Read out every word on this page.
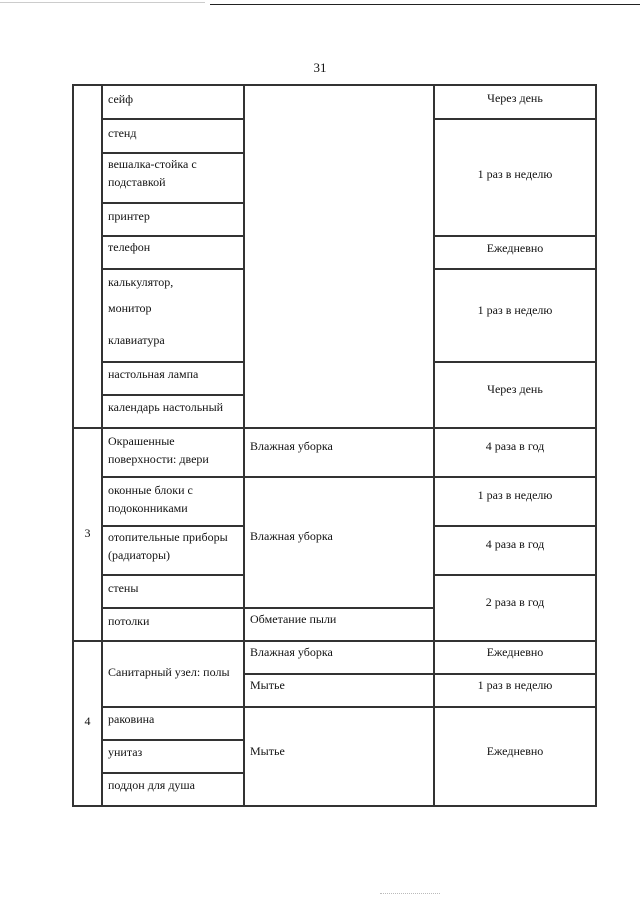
31
3
4
сейф
стенд
вешалка-стойка с подставкой
принтер
телефон
калькулятор,
монитор
клавиатура
настольная лампа
календарь настольный
Окрашенные поверхности: двери
оконные блоки с подоконниками
отопительные приборы (радиаторы)
стены
потолки
Санитарный узел: полы
раковина
унитаз
поддон для душа
Влажная уборка
Влажная уборка
Обметание пыли
Влажная уборка
Мытье
Мытье
Через день
1 раз в неделю
Ежедневно
1 раз в неделю
Через день
4 раза в год
1 раз в неделю
4 раза в год
2 раза в год
Ежедневно
1 раз в неделю
Ежедневно
